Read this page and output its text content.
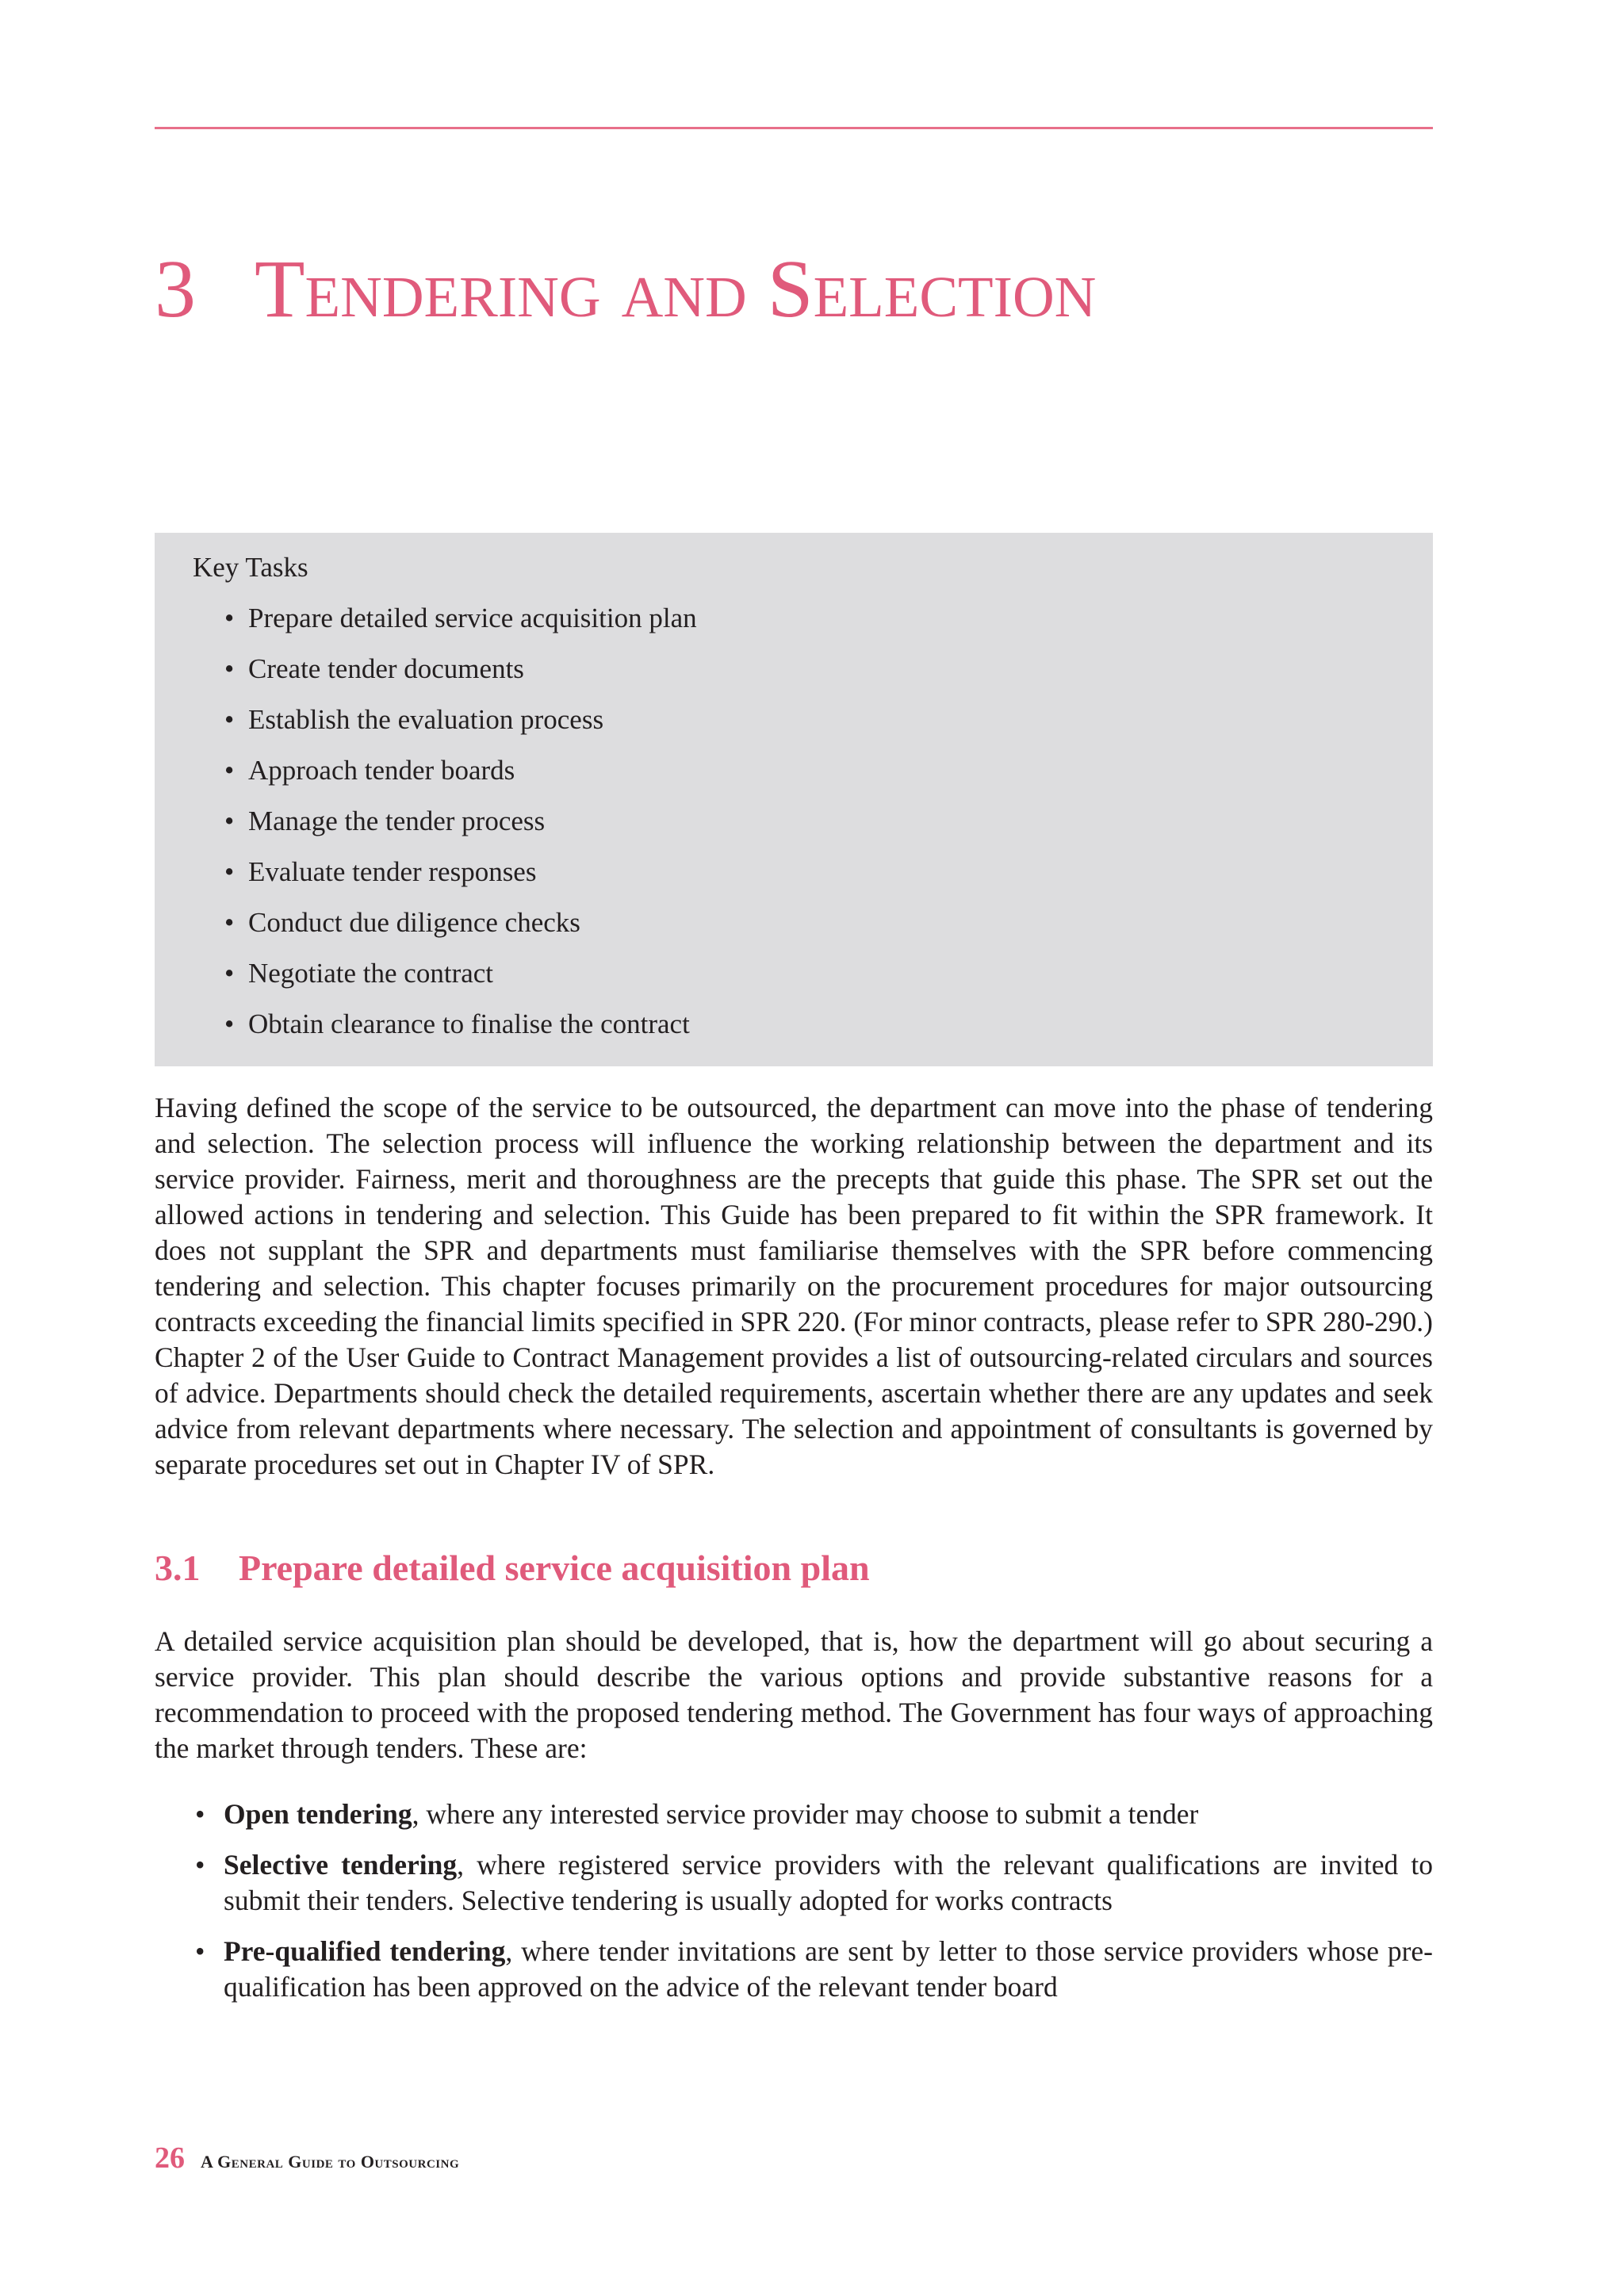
3 Tendering and Selection

Key Tasks

• Prepare detailed service acquisition plan
• Create tender documents
• Establish the evaluation process
• Approach tender boards
• Manage the tender process
• Evaluate tender responses
• Conduct due diligence checks
• Negotiate the contract
• Obtain clearance to finalise the contract

Having defined the scope of the service to be outsourced, the department can move into the phase of tendering and selection. The selection process will influence the working relationship between the department and its service provider. Fairness, merit and thoroughness are the precepts that guide this phase. The SPR set out the allowed actions in tendering and selection. This Guide has been prepared to fit within the SPR framework. It does not supplant the SPR and departments must familiarise themselves with the SPR before commencing tendering and selection. This chapter focuses primarily on the procurement procedures for major outsourcing contracts exceeding the financial limits specified in SPR 220. (For minor contracts, please refer to SPR 280-290.) Chapter 2 of the User Guide to Contract Management provides a list of outsourcing-related circulars and sources of advice. Departments should check the detailed requirements, ascertain whether there are any updates and seek advice from relevant departments where necessary. The selection and appointment of consultants is governed by separate procedures set out in Chapter IV of SPR.

3.1 Prepare detailed service acquisition plan

A detailed service acquisition plan should be developed, that is, how the department will go about securing a service provider. This plan should describe the various options and provide substantive reasons for a recommendation to proceed with the proposed tendering method. The Government has four ways of approaching the market through tenders. These are:

• Open tendering, where any interested service provider may choose to submit a tender
• Selective tendering, where registered service providers with the relevant qualifications are invited to submit their tenders. Selective tendering is usually adopted for works contracts
• Pre-qualified tendering, where tender invitations are sent by letter to those service providers whose pre-qualification has been approved on the advice of the relevant tender board
26 A General Guide to Outsourcing
